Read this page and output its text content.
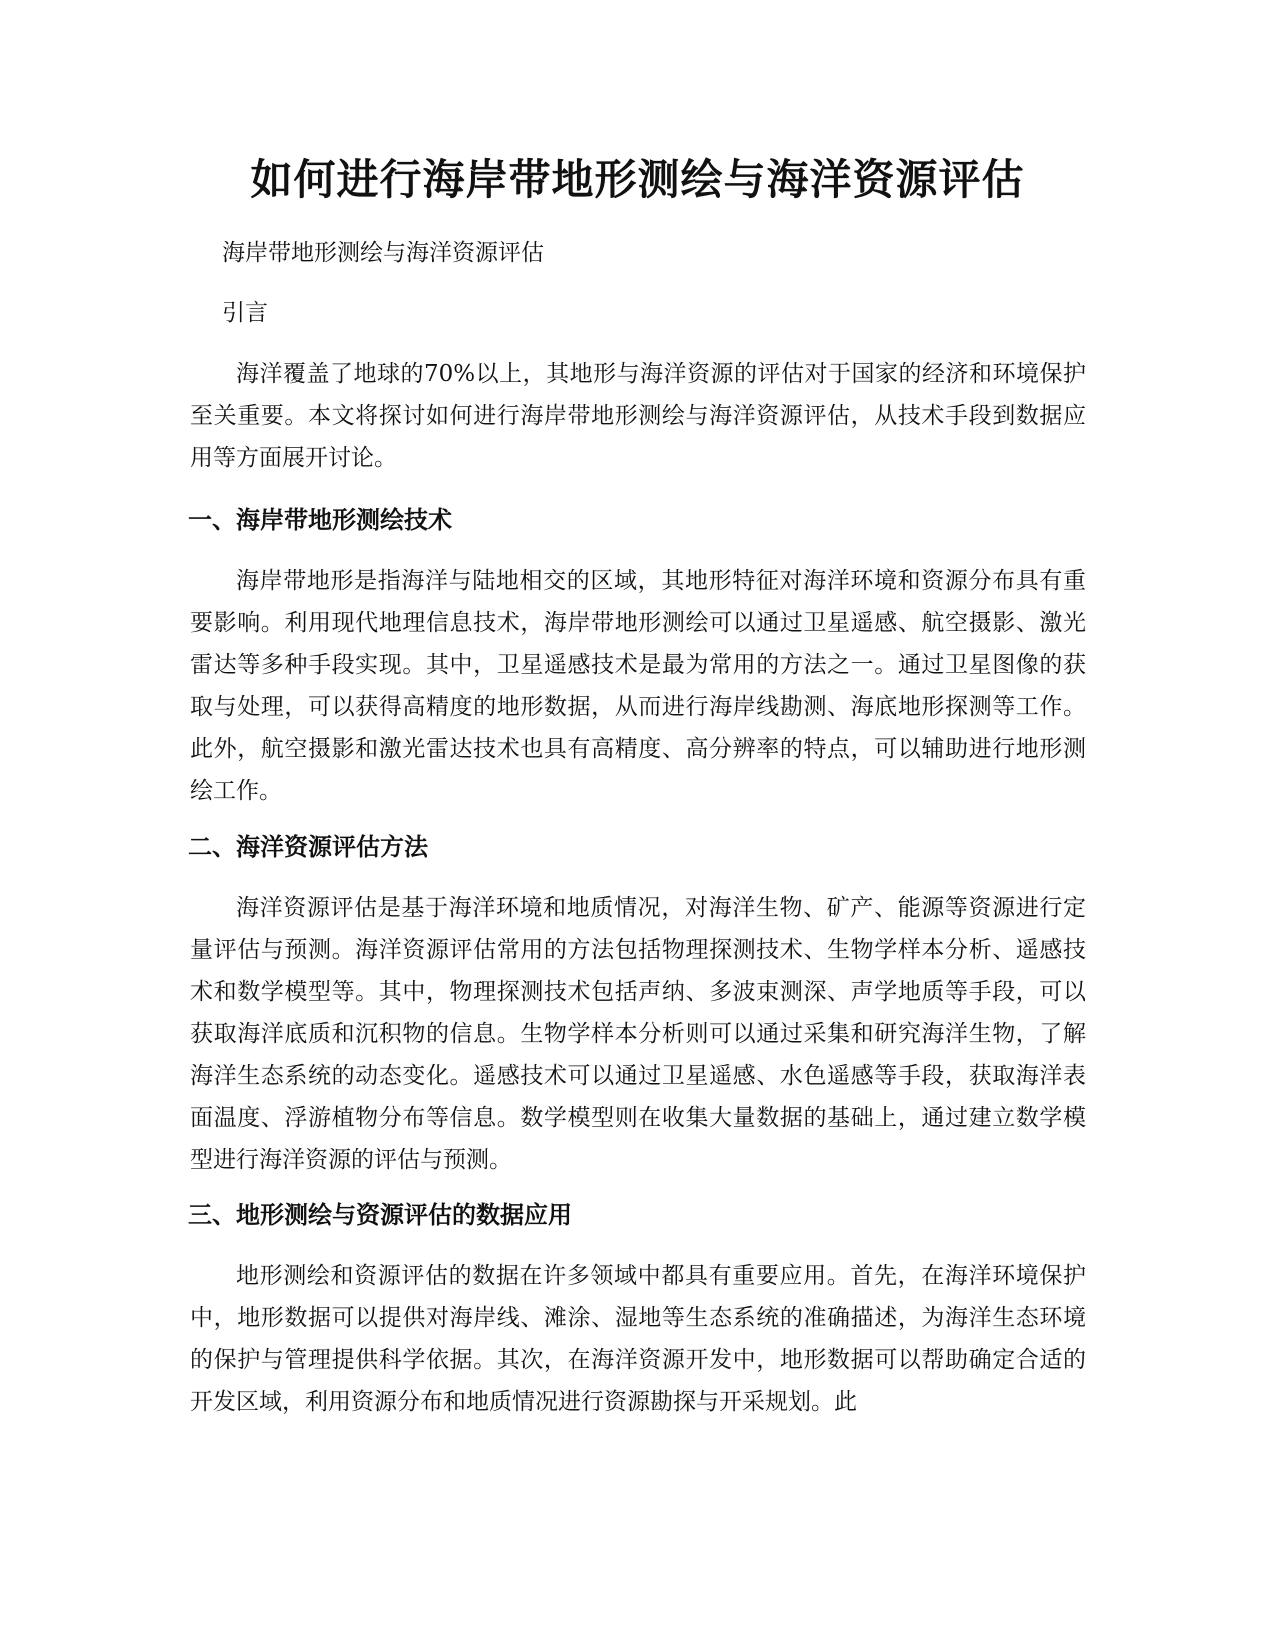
如何进行海岸带地形测绘与海洋资源评估

海岸带地形测绘与海洋资源评估

引言

海洋覆盖了地球的70%以上，其地形与海洋资源的评估对于国家的经济和环境保护至关重要。本文将探讨如何进行海岸带地形测绘与海洋资源评估，从技术手段到数据应用等方面展开讨论。

一、海岸带地形测绘技术

海岸带地形是指海洋与陆地相交的区域，其地形特征对海洋环境和资源分布具有重要影响。利用现代地理信息技术，海岸带地形测绘可以通过卫星遥感、航空摄影、激光雷达等多种手段实现。其中，卫星遥感技术是最为常用的方法之一。通过卫星图像的获取与处理，可以获得高精度的地形数据，从而进行海岸线勘测、海底地形探测等工作。此外，航空摄影和激光雷达技术也具有高精度、高分辨率的特点，可以辅助进行地形测绘工作。

二、海洋资源评估方法

海洋资源评估是基于海洋环境和地质情况，对海洋生物、矿产、能源等资源进行定量评估与预测。海洋资源评估常用的方法包括物理探测技术、生物学样本分析、遥感技术和数学模型等。其中，物理探测技术包括声纳、多波束测深、声学地质等手段，可以获取海洋底质和沉积物的信息。生物学样本分析则可以通过采集和研究海洋生物，了解海洋生态系统的动态变化。遥感技术可以通过卫星遥感、水色遥感等手段，获取海洋表面温度、浮游植物分布等信息。数学模型则在收集大量数据的基础上，通过建立数学模型进行海洋资源的评估与预测。

三、地形测绘与资源评估的数据应用

地形测绘和资源评估的数据在许多领域中都具有重要应用。首先，在海洋环境保护中，地形数据可以提供对海岸线、滩涂、湿地等生态系统的准确描述，为海洋生态环境的保护与管理提供科学依据。其次，在海洋资源开发中，地形数据可以帮助确定合适的开发区域，利用资源分布和地质情况进行资源勘探与开采规划。此
